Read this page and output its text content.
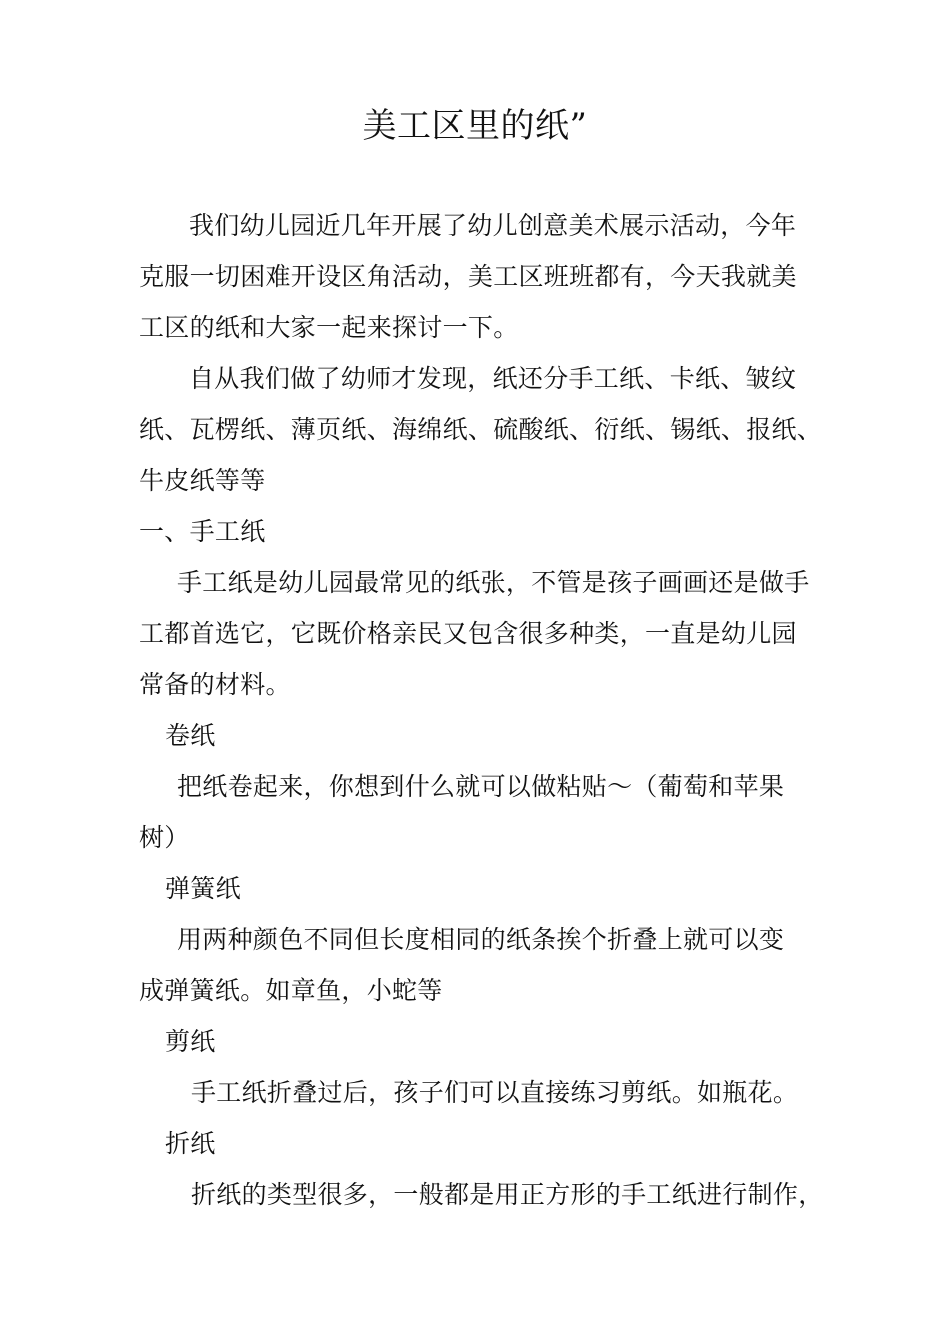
美工区里的纸”
我们幼儿园近几年开展了幼儿创意美术展示活动，今年
克服一切困难开设区角活动，美工区班班都有，今天我就美
工区的纸和大家一起来探讨一下。
自从我们做了幼师才发现，纸还分手工纸、卡纸、皱纹
纸、瓦楞纸、薄页纸、海绵纸、硫酸纸、衍纸、锡纸、报纸、
牛皮纸等等
一、手工纸
手工纸是幼儿园最常见的纸张，不管是孩子画画还是做手
工都首选它，它既价格亲民又包含很多种类，一直是幼儿园
常备的材料。
卷纸
把纸卷起来，你想到什么就可以做粘贴〜（葡萄和苹果
树）
弹簧纸
用两种颜色不同但长度相同的纸条挨个折叠上就可以变
成弹簧纸。如章鱼，小蛇等
剪纸
手工纸折叠过后，孩子们可以直接练习剪纸。如瓶花。
折纸
折纸的类型很多，一般都是用正方形的手工纸进行制作，
